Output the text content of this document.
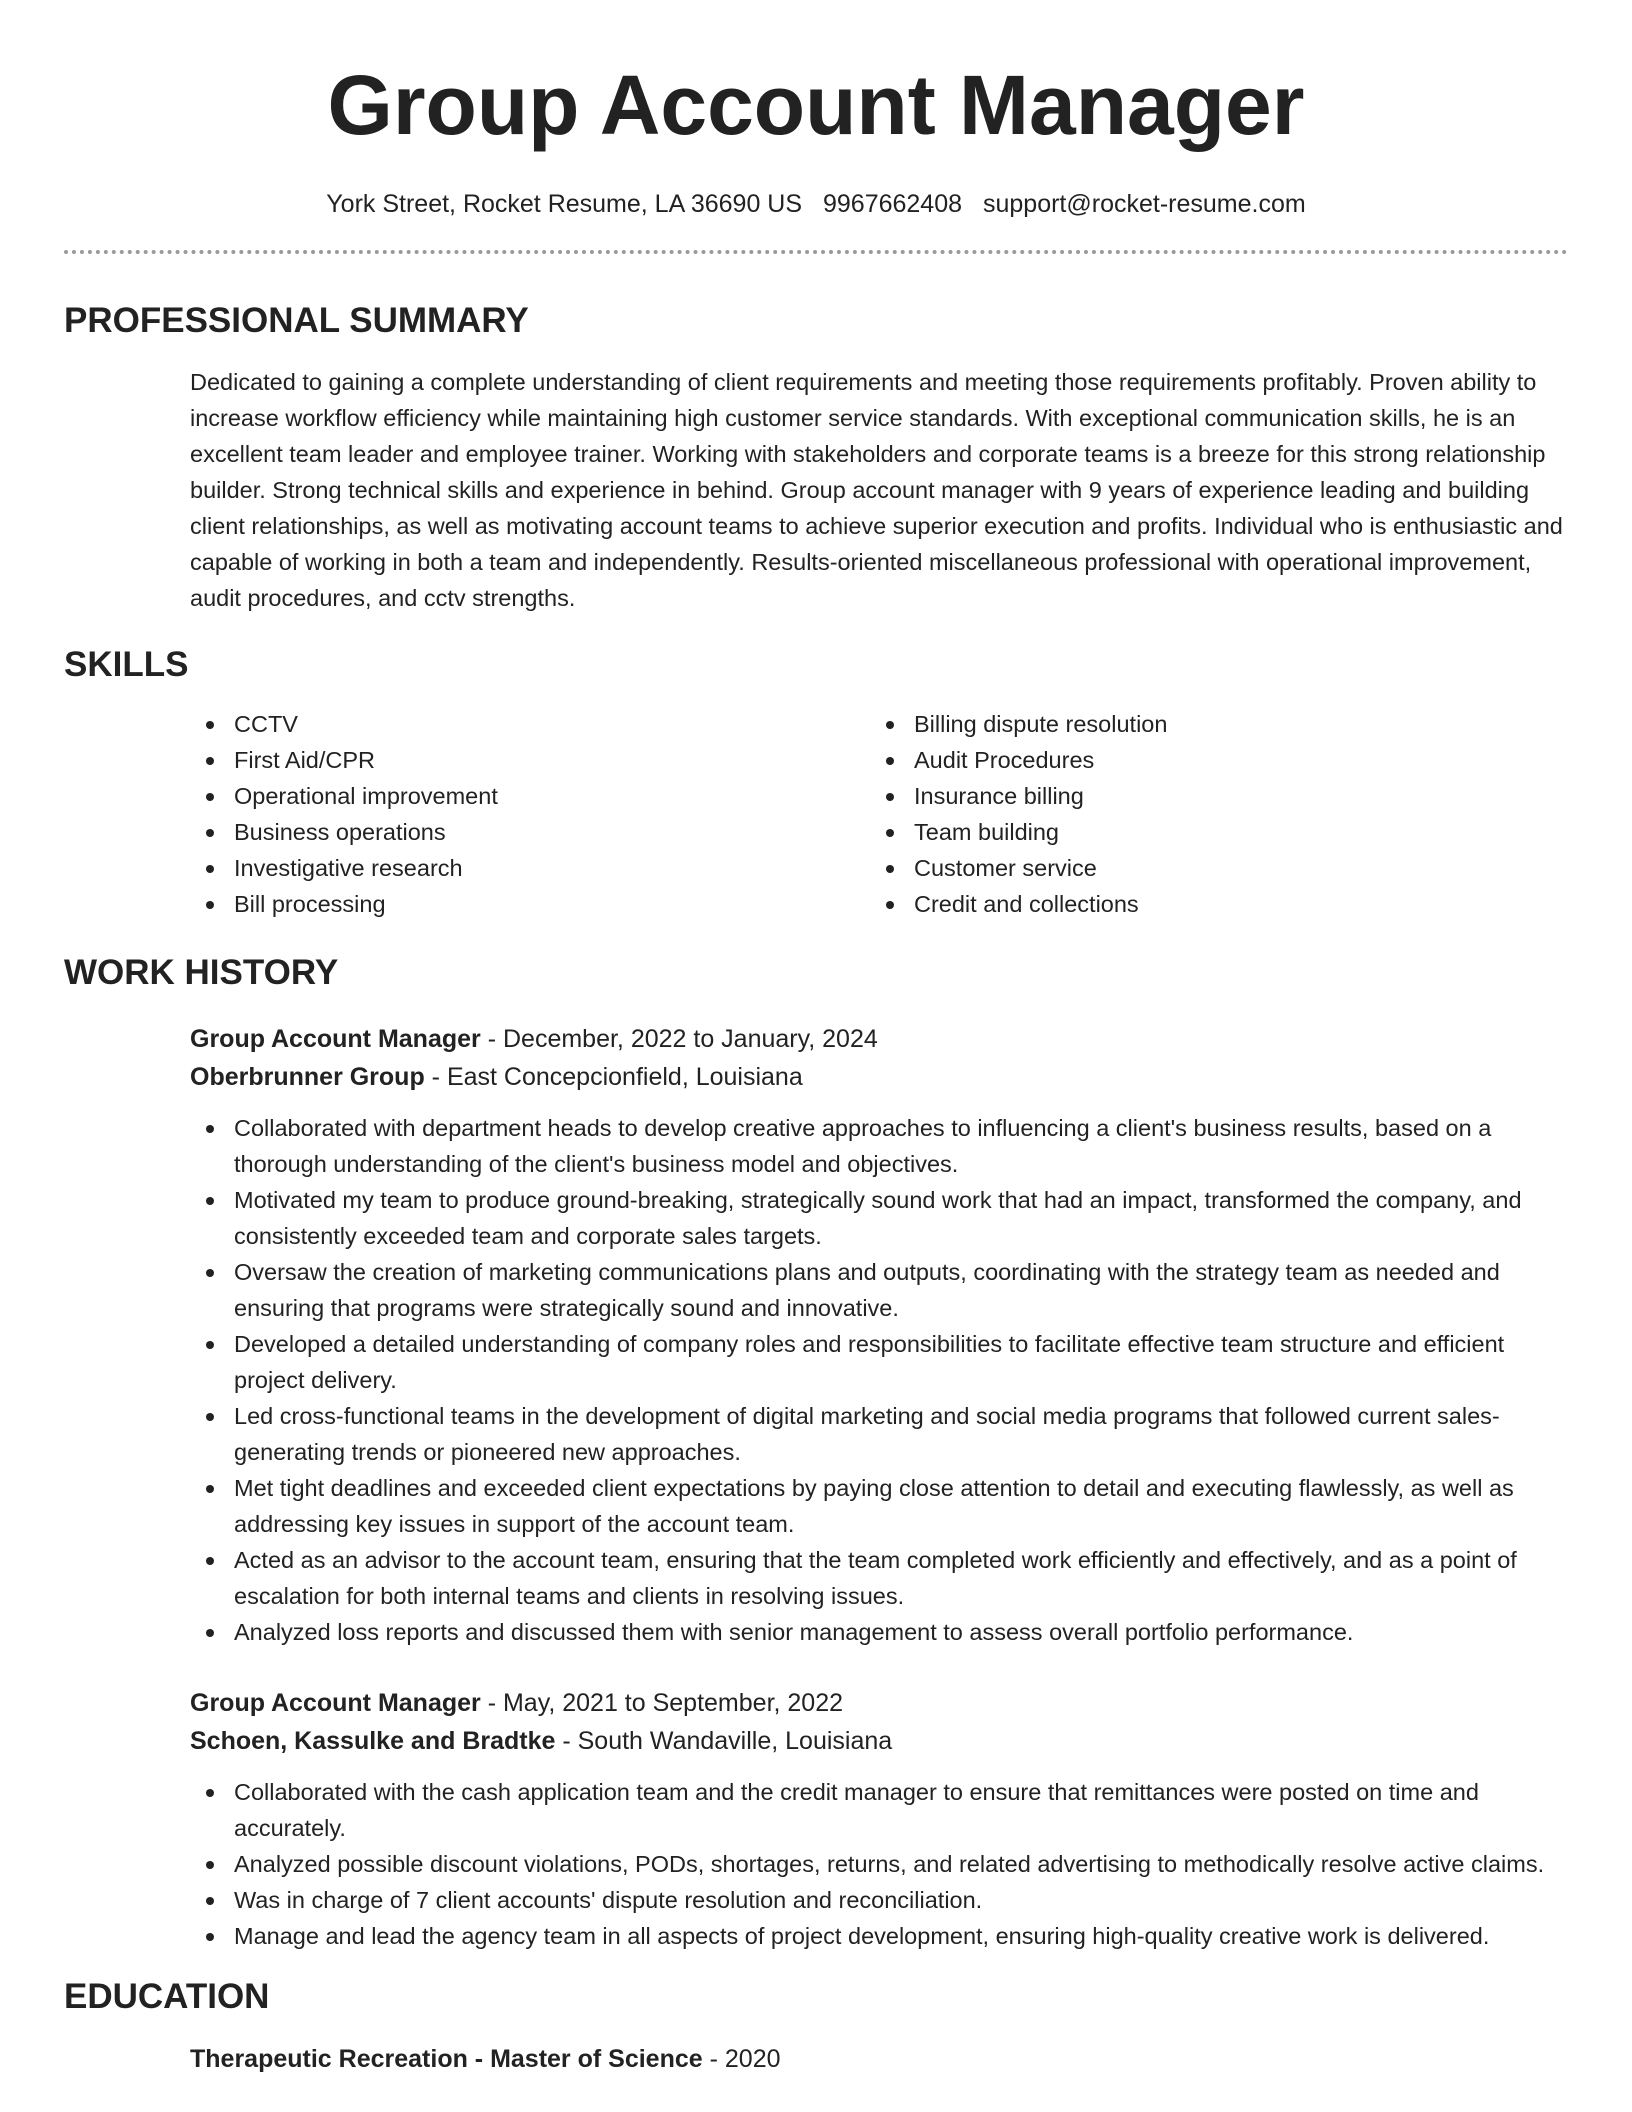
Group Account Manager
York Street, Rocket Resume, LA 36690 US 9967662408 support@rocket-resume.com
PROFESSIONAL SUMMARY
Dedicated to gaining a complete understanding of client requirements and meeting those requirements profitably. Proven ability to increase workflow efficiency while maintaining high customer service standards. With exceptional communication skills, he is an excellent team leader and employee trainer. Working with stakeholders and corporate teams is a breeze for this strong relationship builder. Strong technical skills and experience in behind. Group account manager with 9 years of experience leading and building client relationships, as well as motivating account teams to achieve superior execution and profits. Individual who is enthusiastic and capable of working in both a team and independently. Results-oriented miscellaneous professional with operational improvement, audit procedures, and cctv strengths.
SKILLS
CCTV
First Aid/CPR
Operational improvement
Business operations
Investigative research
Bill processing
Billing dispute resolution
Audit Procedures
Insurance billing
Team building
Customer service
Credit and collections
WORK HISTORY
Group Account Manager - December, 2022 to January, 2024
Oberbrunner Group - East Concepcionfield, Louisiana
Collaborated with department heads to develop creative approaches to influencing a client's business results, based on a thorough understanding of the client's business model and objectives.
Motivated my team to produce ground-breaking, strategically sound work that had an impact, transformed the company, and consistently exceeded team and corporate sales targets.
Oversaw the creation of marketing communications plans and outputs, coordinating with the strategy team as needed and ensuring that programs were strategically sound and innovative.
Developed a detailed understanding of company roles and responsibilities to facilitate effective team structure and efficient project delivery.
Led cross-functional teams in the development of digital marketing and social media programs that followed current sales-generating trends or pioneered new approaches.
Met tight deadlines and exceeded client expectations by paying close attention to detail and executing flawlessly, as well as addressing key issues in support of the account team.
Acted as an advisor to the account team, ensuring that the team completed work efficiently and effectively, and as a point of escalation for both internal teams and clients in resolving issues.
Analyzed loss reports and discussed them with senior management to assess overall portfolio performance.
Group Account Manager - May, 2021 to September, 2022
Schoen, Kassulke and Bradtke - South Wandaville, Louisiana
Collaborated with the cash application team and the credit manager to ensure that remittances were posted on time and accurately.
Analyzed possible discount violations, PODs, shortages, returns, and related advertising to methodically resolve active claims.
Was in charge of 7 client accounts' dispute resolution and reconciliation.
Manage and lead the agency team in all aspects of project development, ensuring high-quality creative work is delivered.
EDUCATION
Therapeutic Recreation - Master of Science - 2020
